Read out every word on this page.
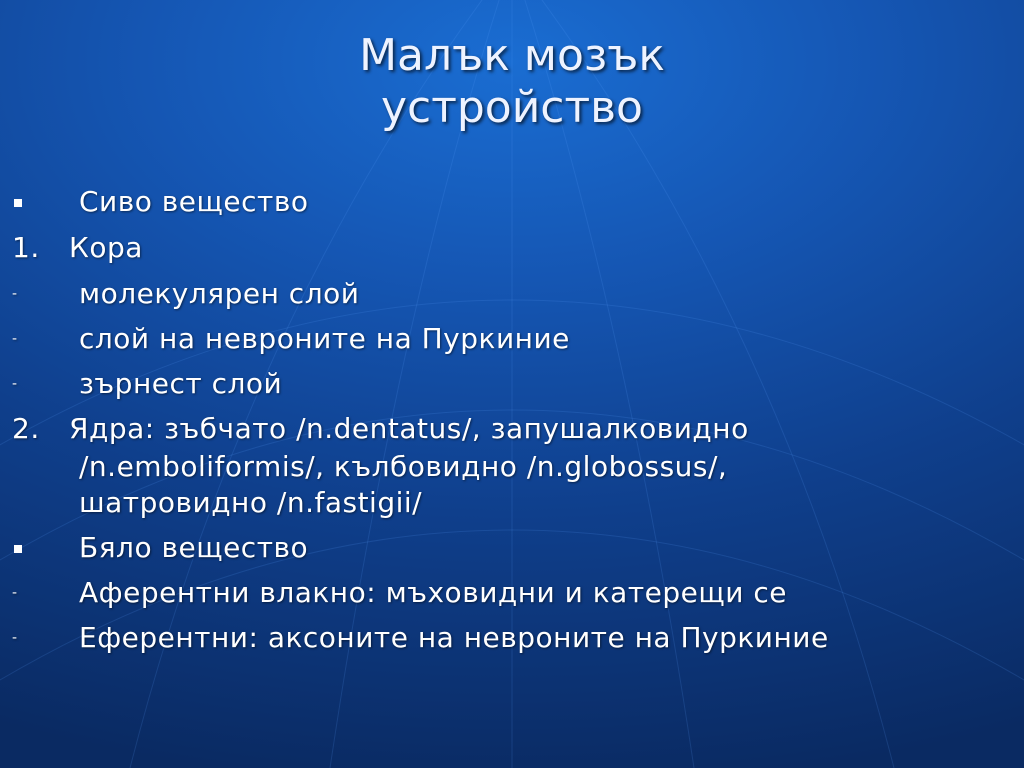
Малък мозък
устройство
Сиво вещество
1. Кора
- молекулярен слой
- слой на невроните на Пуркиние
- зърнест слой
2. Ядра: зъбчато /n.dentatus/, запушалковидно
/n.emboliformis/, кълбовидно /n.globossus/,
шатровидно /n.fastigii/
Бяло вещество
- Аферентни влакно: мъховидни и катерещи се
- Еферентни: аксоните на невроните на Пуркиние
